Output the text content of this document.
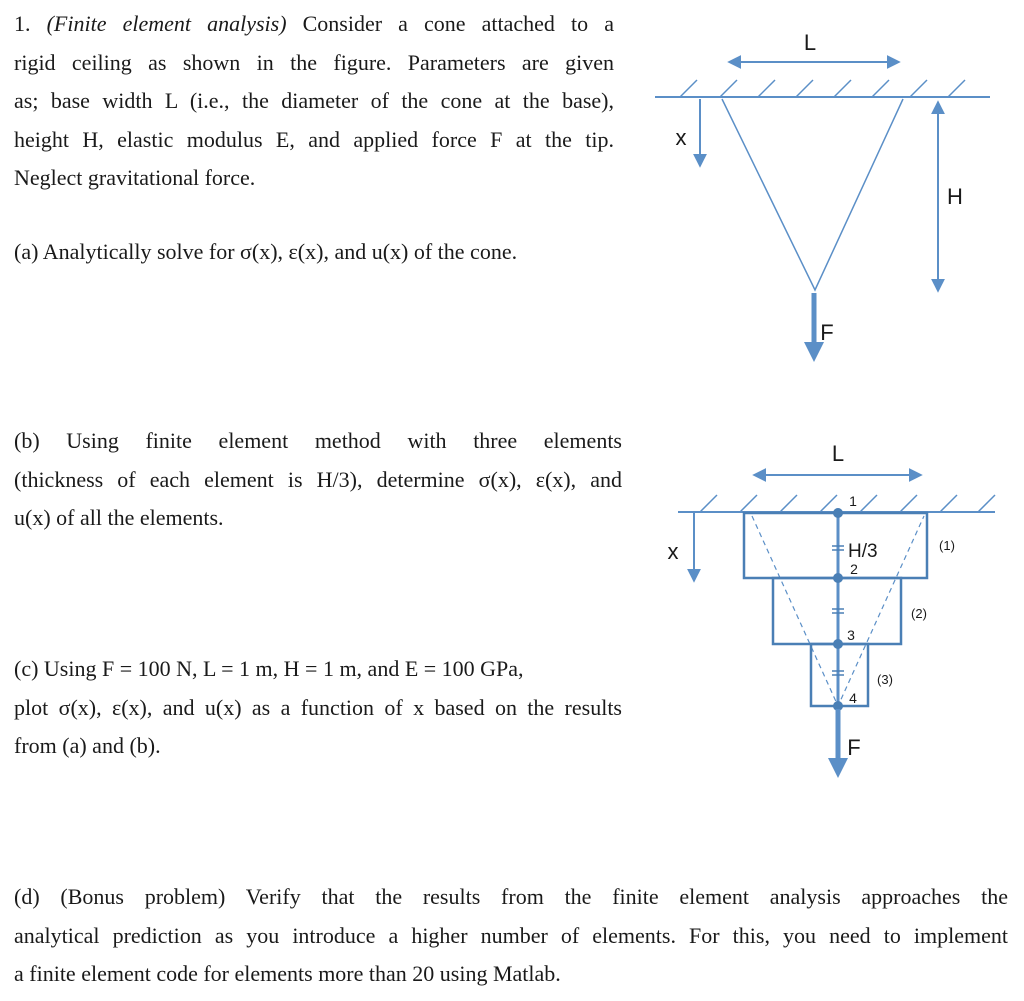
1. (Finite element analysis) Consider a cone attached to a
rigid ceiling as shown in the figure. Parameters are given
as; base width L (i.e., the diameter of the cone at the base),
height H, elastic modulus E, and applied force F at the tip.
Neglect gravitational force.
(a) Analytically solve for σ(x), ε(x), and u(x) of the cone.
(b) Using finite element method with three elements
(thickness of each element is H/3), determine σ(x), ε(x), and
u(x) of all the elements.
(c) Using F = 100 N, L = 1 m, H = 1 m, and E = 100 GPa,
plot σ(x), ε(x), and u(x) as a function of x based on the results
from (a) and (b).
(d) (Bonus problem) Verify that the results from the finite element analysis approaches the
analytical prediction as you introduce a higher number of elements. For this, you need to implement
a finite element code for elements more than 20 using Matlab.
L
x
H
F
L
1
2
3
4
H/3	(1)
(2)
(3)
x
F
